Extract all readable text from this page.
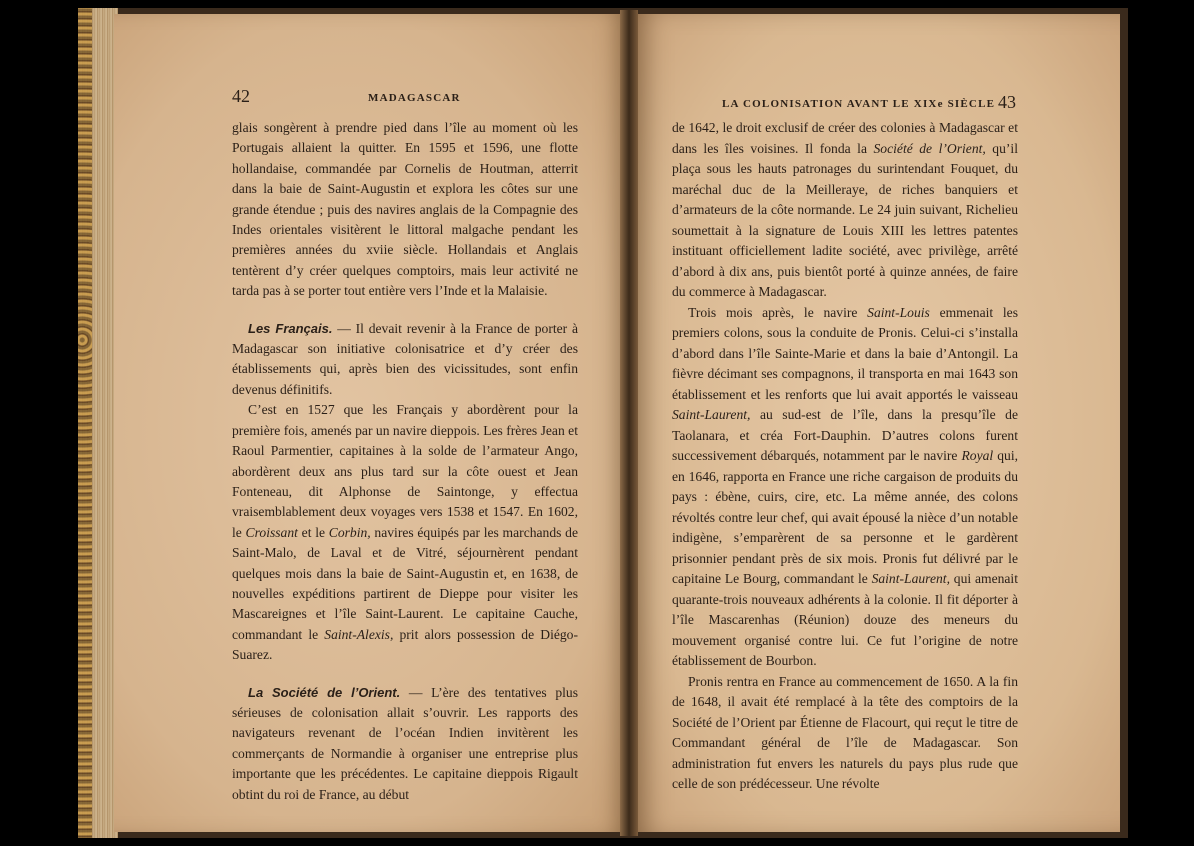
42	MADAGASCAR

glais songèrent à prendre pied dans l’île au moment où les Portugais allaient la quitter. En 1595 et 1596, une flotte hollandaise, commandée par Cornelis de Houtman, atterrit dans la baie de Saint-Augustin et explora les côtes sur une grande étendue ; puis des navires anglais de la Compagnie des Indes orientales visitèrent le littoral malgache pendant les premières années du xviie siècle. Hollandais et Anglais tentèrent d’y créer quelques comptoirs, mais leur activité ne tarda pas à se porter tout entière vers l’Inde et la Malaisie.

Les Français. — Il devait revenir à la France de porter à Madagascar son initiative colonisatrice et d’y créer des établissements qui, après bien des vicissitudes, sont enfin devenus définitifs.

C’est en 1527 que les Français y abordèrent pour la première fois, amenés par un navire dieppois. Les frères Jean et Raoul Parmentier, capitaines à la solde de l’armateur Ango, abordèrent deux ans plus tard sur la côte ouest et Jean Fonteneau, dit Alphonse de Saintonge, y effectua vraisemblablement deux voyages vers 1538 et 1547. En 1602, le Croissant et le Corbin, navires équipés par les marchands de Saint-Malo, de Laval et de Vitré, séjournèrent pendant quelques mois dans la baie de Saint-Augustin et, en 1638, de nouvelles expéditions partirent de Dieppe pour visiter les Mascareignes et l’île Saint-Laurent. Le capitaine Cauche, commandant le Saint-Alexis, prit alors possession de Diégo-Suarez.

La Société de l’Orient. — L’ère des tentatives plus sérieuses de colonisation allait s’ouvrir. Les rapports des navigateurs revenant de l’océan Indien invitèrent les commerçants de Normandie à organiser une entreprise plus importante que les précédentes. Le capitaine dieppois Rigault obtint du roi de France, au début

LA COLONISATION AVANT LE XIXe SIÈCLE 43

de 1642, le droit exclusif de créer des colonies à Madagascar et dans les îles voisines. Il fonda la Société de l’Orient, qu’il plaça sous les hauts patronages du surintendant Fouquet, du maréchal duc de la Meilleraye, de riches banquiers et d’armateurs de la côte normande. Le 24 juin suivant, Richelieu soumettait à la signature de Louis XIII les lettres patentes instituant officiellement ladite société, avec privilège, arrêté d’abord à dix ans, puis bientôt porté à quinze années, de faire du commerce à Madagascar.

Trois mois après, le navire Saint-Louis emmenait les premiers colons, sous la conduite de Pronis. Celui-ci s’installa d’abord dans l’île Sainte-Marie et dans la baie d’Antongil. La fièvre décimant ses compagnons, il transporta en mai 1643 son établissement et les renforts que lui avait apportés le vaisseau Saint-Laurent, au sud-est de l’île, dans la presqu’île de Taolanara, et créa Fort-Dauphin. D’autres colons furent successivement débarqués, notamment par le navire Royal qui, en 1646, rapporta en France une riche cargaison de produits du pays : ébène, cuirs, cire, etc. La même année, des colons révoltés contre leur chef, qui avait épousé la nièce d’un notable indigène, s’emparèrent de sa personne et le gardèrent prisonnier pendant près de six mois. Pronis fut délivré par le capitaine Le Bourg, commandant le Saint-Laurent, qui amenait quarante-trois nouveaux adhérents à la colonie. Il fit déporter à l’île Mascarenhas (Réunion) douze des meneurs du mouvement organisé contre lui. Ce fut l’origine de notre établissement de Bourbon.

Pronis rentra en France au commencement de 1650. A la fin de 1648, il avait été remplacé à la tête des comptoirs de la Société de l’Orient par Étienne de Flacourt, qui reçut le titre de Commandant général de l’île de Madagascar. Son administration fut envers les naturels du pays plus rude que celle de son prédécesseur. Une révolte
